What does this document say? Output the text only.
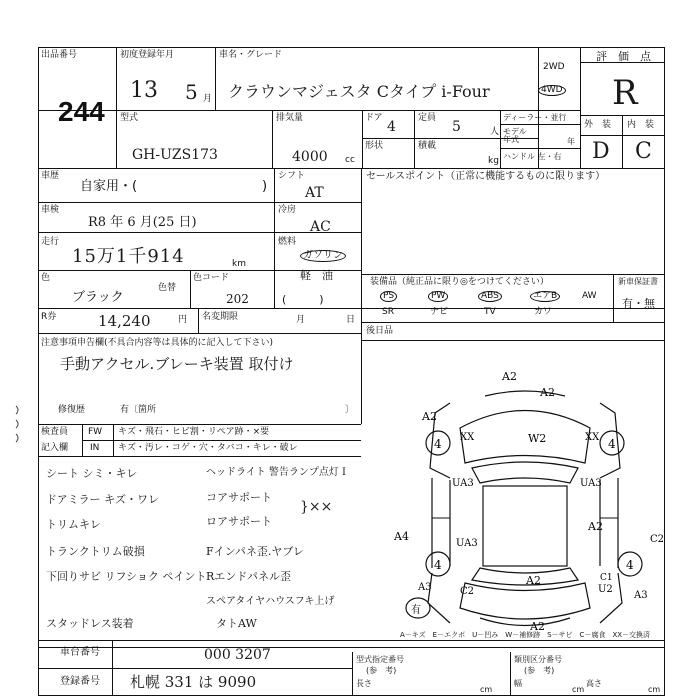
出品番号
244
初度登録年月
13 5 月
車名・グレード
クラウンマジェスタ Cタイプ i-Four
2WD
4WD
評　価　点
R
外　装 内　装
D C
型式
GH-UZS173
排気量
4000 cc
ドア
4
定員
5	人
形状	積載
kg
ディーラー・並行
モデル 年式	年
ハンドル 左・右
車歴
自家用・(	)
車検
R8 年 6 月(25 日)
走行
15万1千914	km
色
ブラック
色替
色コード
202	(　　　)
シフト
AT
冷房
AC
燃料
ガソリン
軽　油
R券	14,240	円 名変期限	月	日
注意事項申告欄(不具合内容等は具体的に記入して下さい)
手動アクセル.ブレーキ装置 取付け
修復歴	有〔箇所	〕
検査員
記入欄
FW
IN
キズ・飛石・ヒビ割・リペア跡・×要
キズ・汚レ・コゲ・穴・タバコ・キレ・破レ
セールスポイント（正常に機能するものに限ります）
装備品（純正品に限り◎をつけてください）	新車保証書
有・無
PS	PW	ABS	エアB	AW
SR	ナビ	TV	カワ
後日品
シート シミ・キレ
ドアミラー キズ・ワレ
トリムキレ
トランクトリム破損
下回りサビ リフショク ペイント
スタッドレス装着
ヘッドライト 警告ランプ点灯 I
コアサポート
ロアサポート
Fインパネ歪.ヤブレ
Rエンドパネル歪
スペアタイヤハウスフキ上げ
}××
タトAW
A2
A2
A2
W2
XX	XX
UA3	UA3
A4
UA3
A2
C2
C2
A3
A2	C1
U2
A3
A2
有
4	4
4	4
A－キズ　E－エクボ　U－凹み　W－補修跡　S－サビ　C－腐食　XX－交換済
車台番号	000 3207
登録番号 札幌 331 は 9090
型式指定番号
(参　考)
類別区分番号
(参　考)
長さ
cm
幅
cm
高さ
cm
